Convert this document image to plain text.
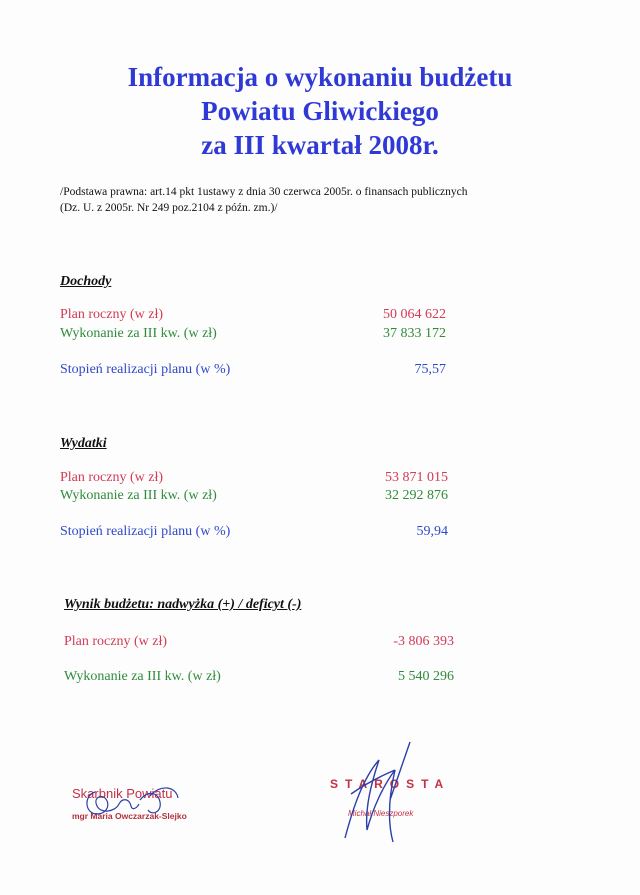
Informacja o wykonaniu budżetu
Powiatu Gliwickiego
za III kwartał 2008r.
/Podstawa prawna: art.14 pkt 1ustawy z dnia 30 czerwca 2005r. o finansach publicznych
(Dz. U. z 2005r. Nr 249 poz.2104 z późn. zm.)/
Dochody
Plan roczny (w zł)	50 064 622
Wykonanie za III kw. (w zł)	37 833 172
Stopień realizacji planu (w %)	75,57
Wydatki
Plan roczny (w zł)	53 871 015
Wykonanie za III kw. (w zł)	32 292 876
Stopień realizacji planu (w %)	59,94
Wynik budżetu: nadwyżka (+) / deficyt (-)
Plan roczny (w zł)	-3 806 393
Wykonanie za III kw. (w zł)	5 540 296
Skarbnik Powiatu
mgr Maria Owczarzak-Slejko
STAROSTA
Michał Nieszporek
